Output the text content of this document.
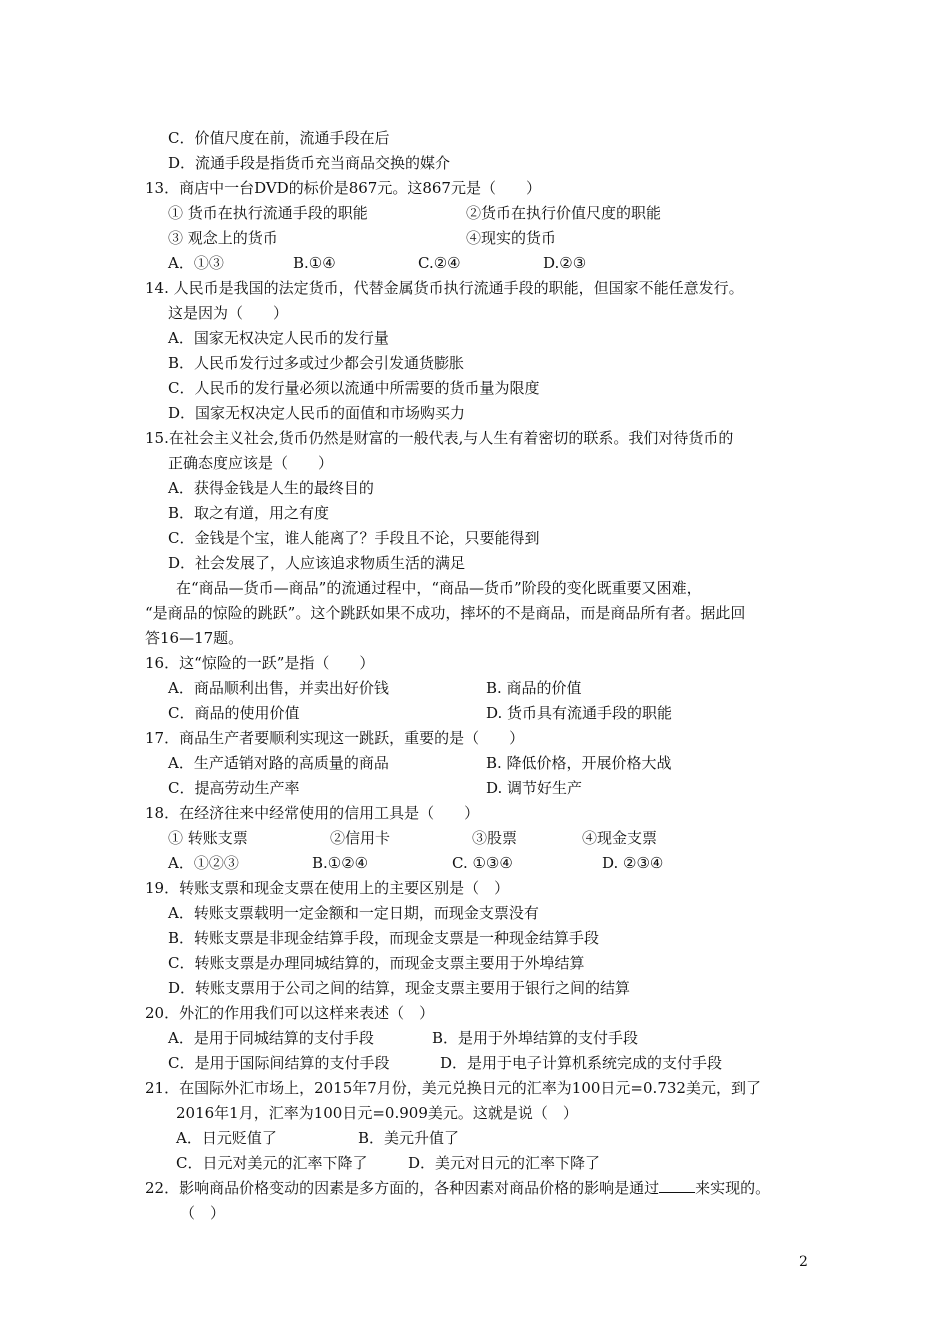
C．价值尺度在前，流通手段在后
D．流通手段是指货币充当商品交换的媒介
13．商店中一台DVD的标价是867元。这867元是（　　）
① 货币在执行流通手段的职能	②货币在执行价值尺度的职能
③ 观念上的货币	④现实的货币
A．①③	B.①④	C.②④	D.②③
14. 人民币是我国的法定货币，代替金属货币执行流通手段的职能，但国家不能任意发行。
这是因为（　　）
A．国家无权决定人民币的发行量
B．人民币发行过多或过少都会引发通货膨胀
C．人民币的发行量必须以流通中所需要的货币量为限度
D．国家无权决定人民币的面值和市场购买力
15.在社会主义社会,货币仍然是财富的一般代表,与人生有着密切的联系。我们对待货币的
正确态度应该是（　　）
A．获得金钱是人生的最终目的
B．取之有道，用之有度
C．金钱是个宝，谁人能离了？手段且不论，只要能得到
D．社会发展了，人应该追求物质生活的满足
在“商品—货币—商品”的流通过程中，“商品—货币”阶段的变化既重要又困难，
“是商品的惊险的跳跃”。这个跳跃如果不成功，摔坏的不是商品，而是商品所有者。据此回
答16—17题。
16．这“惊险的一跃”是指（　　）
A．商品顺利出售，并卖出好价钱	B. 商品的价值
C．商品的使用价值	D. 货币具有流通手段的职能
17．商品生产者要顺利实现这一跳跃，重要的是（　　）
A．生产适销对路的高质量的商品	B. 降低价格，开展价格大战
C．提高劳动生产率	D. 调节好生产
18．在经济往来中经常使用的信用工具是（　　）
① 转账支票	②信用卡	③股票	④现金支票
A．①②③	B.①②④	C. ①③④	D. ②③④
19．转账支票和现金支票在使用上的主要区别是（　）
A．转账支票载明一定金额和一定日期，而现金支票没有
B．转账支票是非现金结算手段，而现金支票是一种现金结算手段
C．转账支票是办理同城结算的，而现金支票主要用于外埠结算
D．转账支票用于公司之间的结算，现金支票主要用于银行之间的结算
20．外汇的作用我们可以这样来表述（　）
A．是用于同城结算的支付手段	B．是用于外埠结算的支付手段
C．是用于国际间结算的支付手段	D．是用于电子计算机系统完成的支付手段
21．在国际外汇市场上，2015年7月份，美元兑换日元的汇率为100日元=0.732美元，到了
2016年1月，汇率为100日元=0.909美元。这就是说（　）
A．日元贬值了	B．美元升值了
C．日元对美元的汇率下降了	D．美元对日元的汇率下降了
22．影响商品价格变动的因素是多方面的，各种因素对商品价格的影响是通过 来实现的。
（　）
2
